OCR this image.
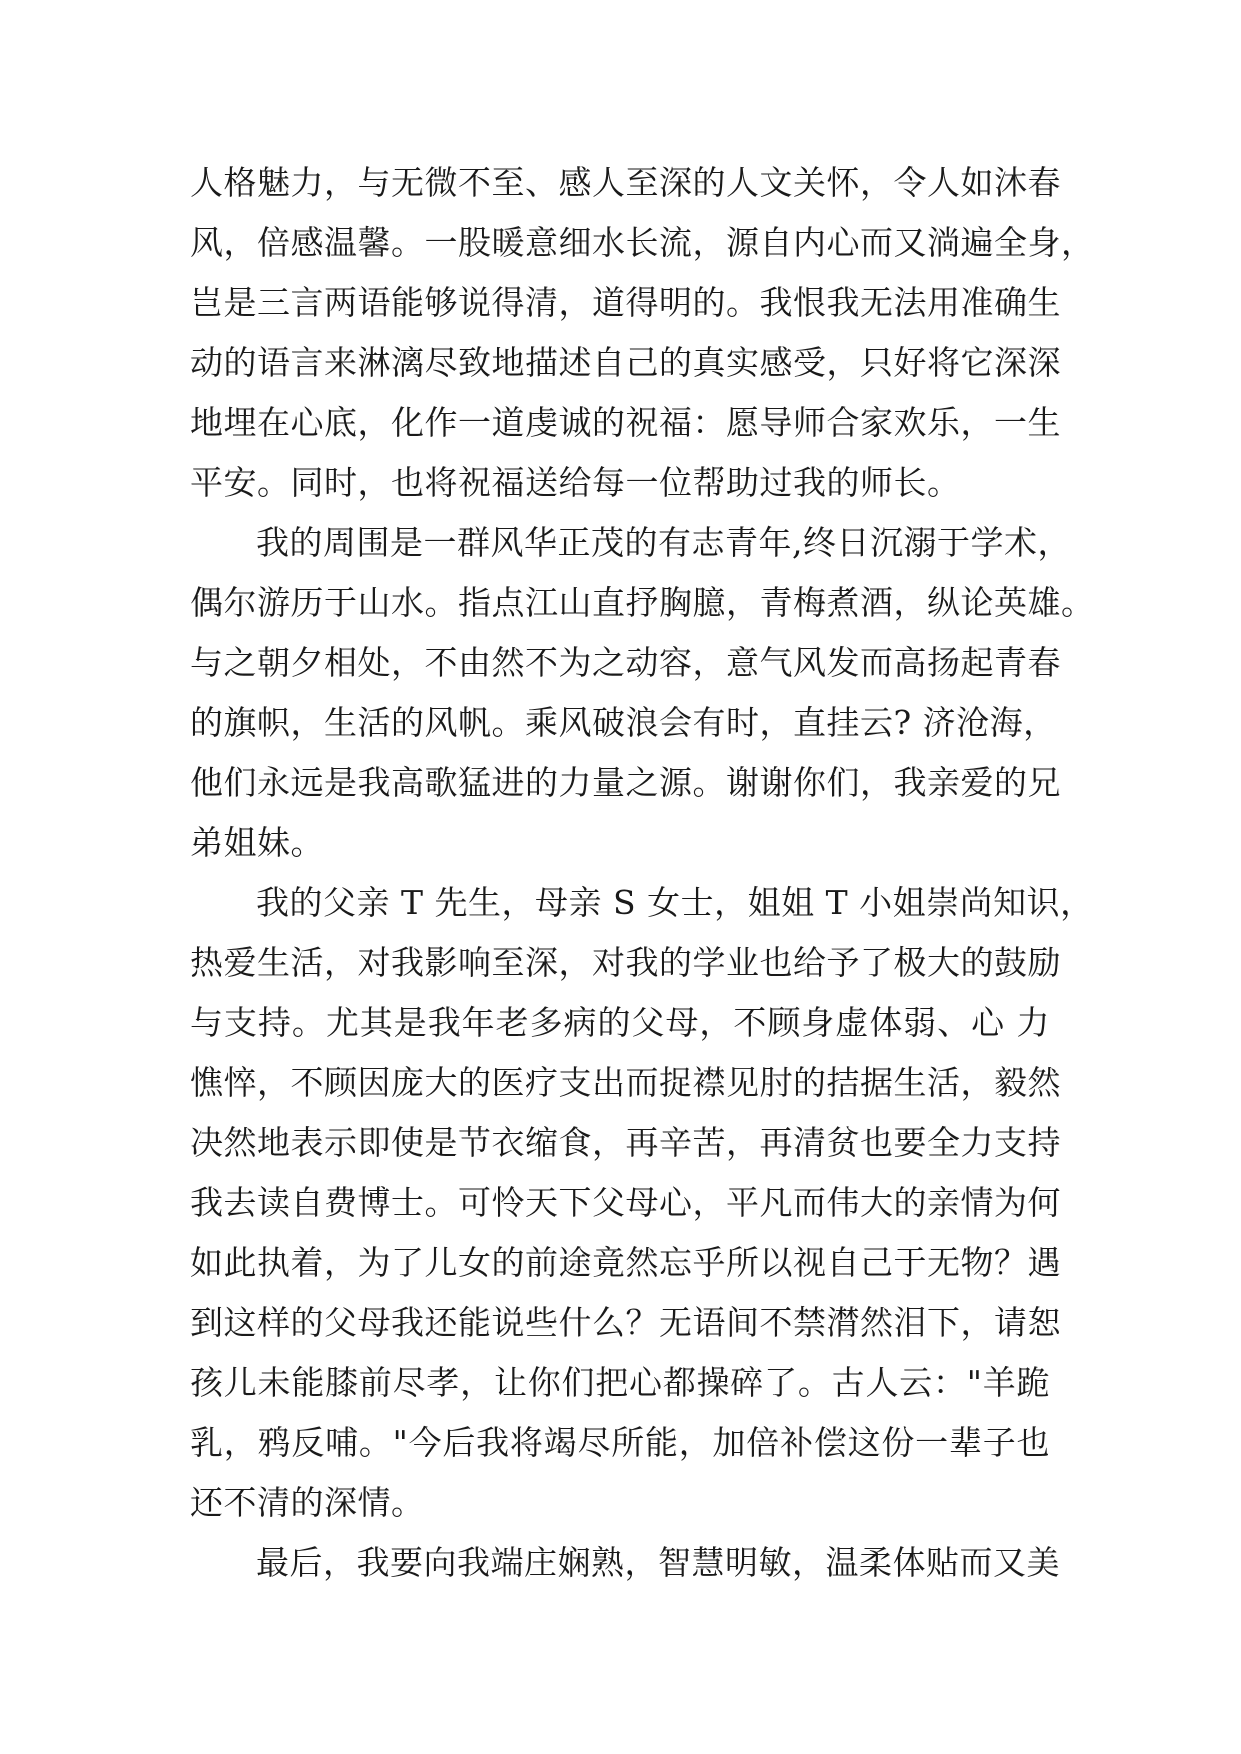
人格魅力，与无微不至、感人至深的人文关怀，令人如沐春
风，倍感温馨。一股暖意细水长流，源自内心而又淌遍全身，
岂是三言两语能够说得清，道得明的。我恨我无法用准确生
动的语言来淋漓尽致地描述自己的真实感受，只好将它深深
地埋在心底，化作一道虔诚的祝福：愿导师合家欢乐，一生
平安。同时，也将祝福送给每一位帮助过我的师长。
我的周围是一群风华正茂的有志青年,终日沉溺于学术，
偶尔游历于山水。指点江山直抒胸臆，青梅煮酒，纵论英雄。
与之朝夕相处，不由然不为之动容，意气风发而高扬起青春
的旗帜，生活的风帆。乘风破浪会有时，直挂云? 济沧海，
他们永远是我高歌猛进的力量之源。谢谢你们，我亲爱的兄
弟姐妹。
我的父亲 T 先生，母亲 S 女士，姐姐 T 小姐崇尚知识，
热爱生活，对我影响至深，对我的学业也给予了极大的鼓励
与支持。尤其是我年老多病的父母，不顾身虚体弱、心 力
憔悴，不顾因庞大的医疗支出而捉襟见肘的拮据生活，毅然
决然地表示即使是节衣缩食，再辛苦，再清贫也要全力支持
我去读自费博士。可怜天下父母心，平凡而伟大的亲情为何
如此执着，为了儿女的前途竟然忘乎所以视自己于无物？遇
到这样的父母我还能说些什么？无语间不禁潸然泪下，请恕
孩儿未能膝前尽孝，让你们把心都操碎了。古人云："羊跪
乳，鸦反哺。"今后我将竭尽所能，加倍补偿这份一辈子也
还不清的深情。
最后，我要向我端庄娴熟，智慧明敏，温柔体贴而又美
